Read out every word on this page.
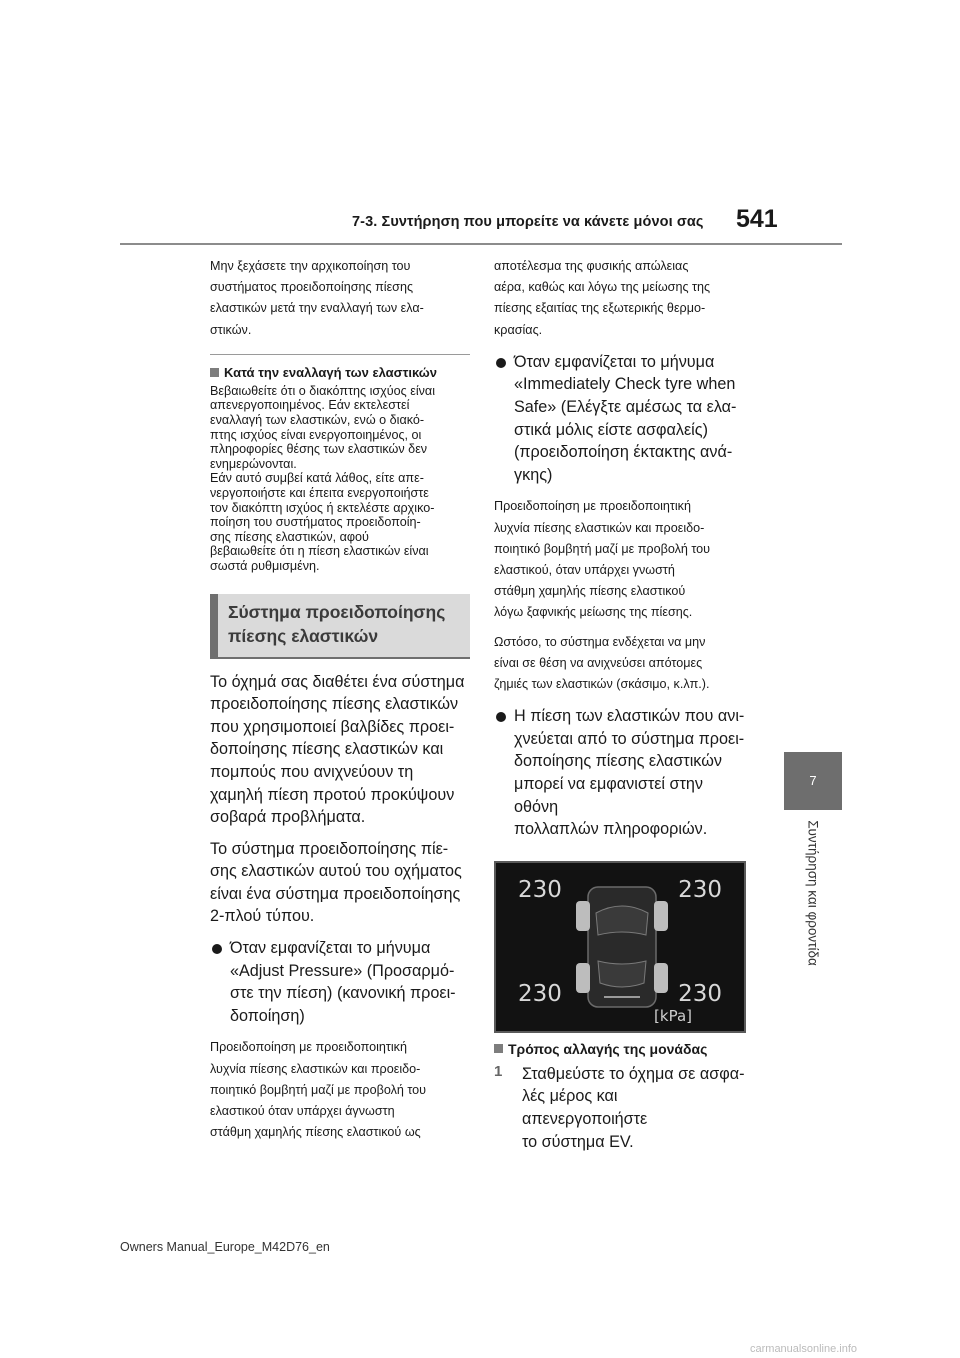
7-3. Συντήρηση που μπορείτε να κάνετε μόνοι σας 541

Μην ξεχάσετε την αρχικοποίηση του

συστήματος προειδοποίησης πίεσης

ελαστικών μετά την εναλλαγή των ελα-

στικών.

Κατά την εναλλαγή των ελαστικών

Βεβαιωθείτε ότι ο διακόπτης ισχύος είναι

απενεργοποιημένος. Εάν εκτελεστεί

εναλλαγή των ελαστικών, ενώ ο διακό-

πτης ισχύος είναι ενεργοποιημένος, οι

πληροφορίες θέσης των ελαστικών δεν

ενημερώνονται.

Εάν αυτό συμβεί κατά λάθος, είτε απε-

νεργοποιήστε και έπειτα ενεργοποιήστε

τον διακόπτη ισχύος ή εκτελέστε αρχικο-

ποίηση του συστήματος προειδοποίη-

σης πίεσης ελαστικών, αφού

βεβαιωθείτε ότι η πίεση ελαστικών είναι

σωστά ρυθμισμένη.

Σύστημα προειδοποίησης
πίεσης ελαστικών

Το όχημά σας διαθέτει ένα σύστημα

προειδοποίησης πίεσης ελαστικών

που χρησιμοποιεί βαλβίδες προει-

δοποίησης πίεσης ελαστικών και

πομπούς που ανιχνεύουν τη

χαμηλή πίεση προτού προκύψουν

σοβαρά προβλήματα.

Το σύστημα προειδοποίησης πίε-

σης ελαστικών αυτού του οχήματος

είναι ένα σύστημα προειδοποίησης

2-πλού τύπου.

Όταν εμφανίζεται το μήνυμα

«Adjust Pressure» (Προσαρμό-

στε την πίεση) (κανονική προει-

δοποίηση)

Προειδοποίηση με προειδοποιητική

λυχνία πίεσης ελαστικών και προειδο-

ποιητικό βομβητή μαζί με προβολή του

ελαστικού όταν υπάρχει άγνωστη

στάθμη χαμηλής πίεσης ελαστικού ως

αποτέλεσμα της φυσικής απώλειας

αέρα, καθώς και λόγω της μείωσης της

πίεσης εξαιτίας της εξωτερικής θερμο-

κρασίας.

Όταν εμφανίζεται το μήνυμα

«Immediately Check tyre when

Safe» (Ελέγξτε αμέσως τα ελα-

στικά μόλις είστε ασφαλείς)

(προειδοποίηση έκτακτης ανά-

γκης)

Προειδοποίηση με προειδοποιητική

λυχνία πίεσης ελαστικών και προειδο-

ποιητικό βομβητή μαζί με προβολή του

ελαστικού, όταν υπάρχει γνωστή

στάθμη χαμηλής πίεσης ελαστικού

λόγω ξαφνικής μείωσης της πίεσης.

Ωστόσο, το σύστημα ενδέχεται να μην

είναι σε θέση να ανιχνεύσει απότομες

ζημιές των ελαστικών (σκάσιμο, κ.λπ.).

Η πίεση των ελαστικών που ανι-

χνεύεται από το σύστημα προει-

δοποίησης πίεσης ελαστικών

μπορεί να εμφανιστεί στην οθόνη

πολλαπλών πληροφοριών.

230	230
230	230
[kPa]
Τρόπος αλλαγής της μονάδας
1 Σταθμεύστε το όχημα σε ασφα-

λές μέρος και απενεργοποιήστε

το σύστημα EV.

7
Συντήρηση και φροντίδα
Owners Manual_Europe_M42D76_en
carmanualsonline.info
